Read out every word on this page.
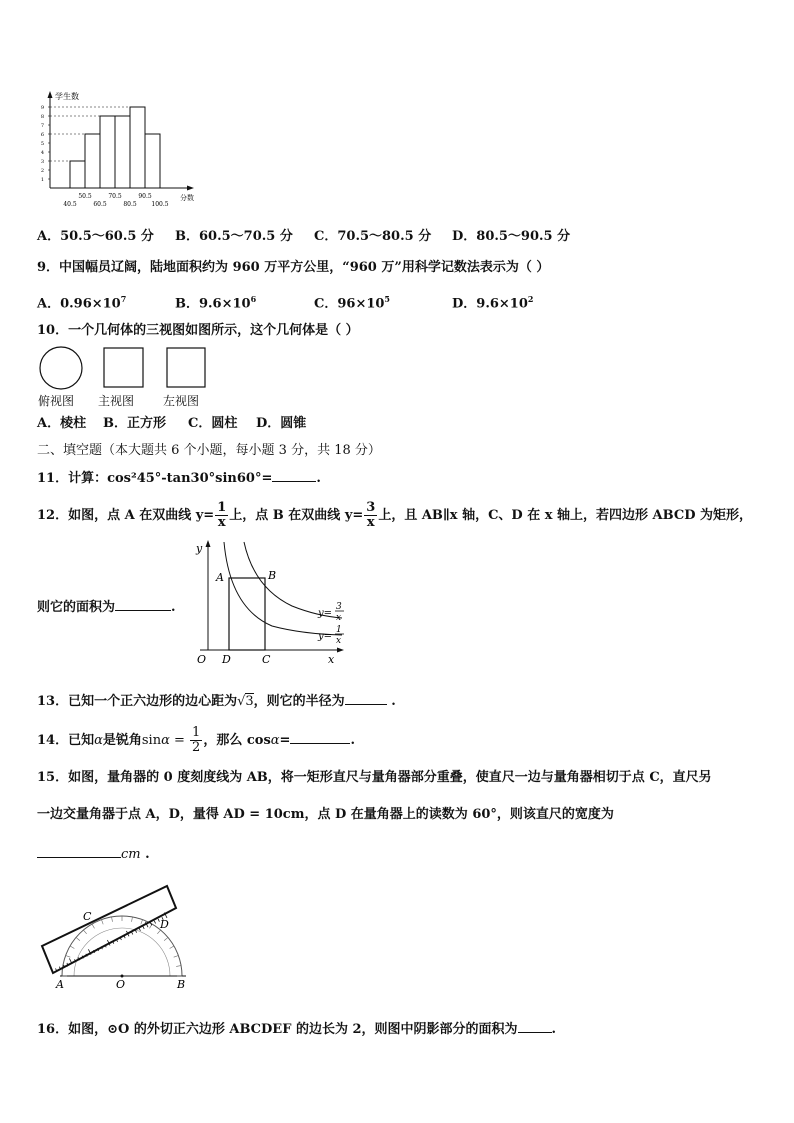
学生数
分数
1
2
3
4
5
6
7
8
9
40.5	60.5	80.5 100.5
50.5	70.5	90.5
A．50.5～60.5 分 B．60.5～70.5 分 C．70.5～80.5 分 D．80.5～90.5 分
9．中国幅员辽阔，陆地面积约为 960 万平方公里，“960 万”用科学记数法表示为（ ）
A．$0.96\times 10^7$	B．$9.6\times 10^6$	C．$96\times 10^5$	D．$9.6\times 10^2$
10．一个几何体的三视图如图所示，这个几何体是（ ）
俯视图 主视图 左视图
A．棱柱 B．正方形 C．圆柱 D．圆锥
二、填空题（本大题共 6 个小题，每小题 3 分，共 18 分）
11．计算：cos²45°-tan30°sin60°=	.
12．如图，点 A 在双曲线 $y= \frac{1}{x}$ 上，点 B 在双曲线 $y= \frac{3}{x}$ 上，且 AB∥x 轴，C、D 在 x 轴上，若四边形 ABCD 为矩形，
y
x
O
A	B
C
D
y=
3
x
y=
1
x
则它的面积为	.
13．已知一个正六边形的边心距为√3，则它的半径为	.
14．已知α是锐角$\sin\alpha = \frac{1}{2}$ ，那么 cosα=	.
15．如图，量角器的 0 度刻度线为 AB，将一矩形直尺与量角器部分重叠，使直尺一边与量角器相切于点 C，直尺另
一边交量角器于点 A，D，量得 AD = 10cm，点 D 在量角器上的读数为 60°，则该直尺的宽度为
cm .
A	O	B
C
D
16．如图，⊙O 的外切正六边形 ABCDEF 的边长为 2，则图中阴影部分的面积为	.
